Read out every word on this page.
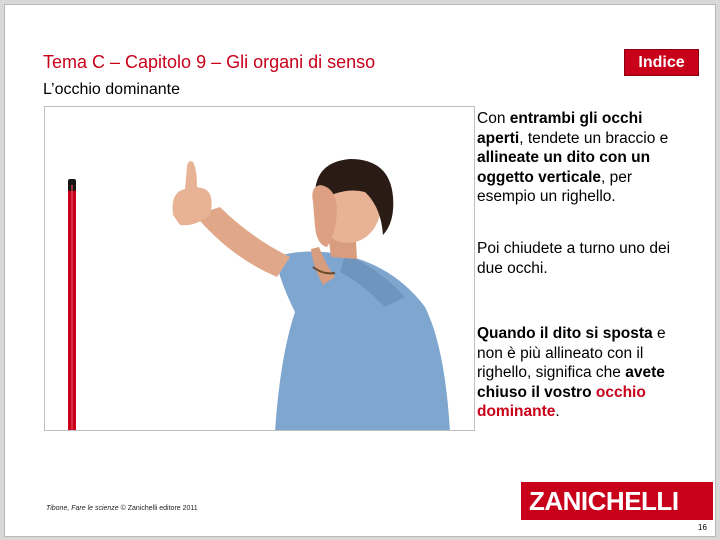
Tema C – Capitolo 9 – Gli organi di senso	Indice
L’occhio dominante
Con entrambi gli occhi aperti, tendete un braccio e allineate un dito con un oggetto verticale, per esempio un righello.
Poi chiudete a turno uno dei due occhi.
Quando il dito si sposta e non è più allineato con il righello, significa che avete chiuso il vostro occhio dominante.
Tibone, Fare le scienze © Zanichelli editore 2011	ZANICHELLI
16
